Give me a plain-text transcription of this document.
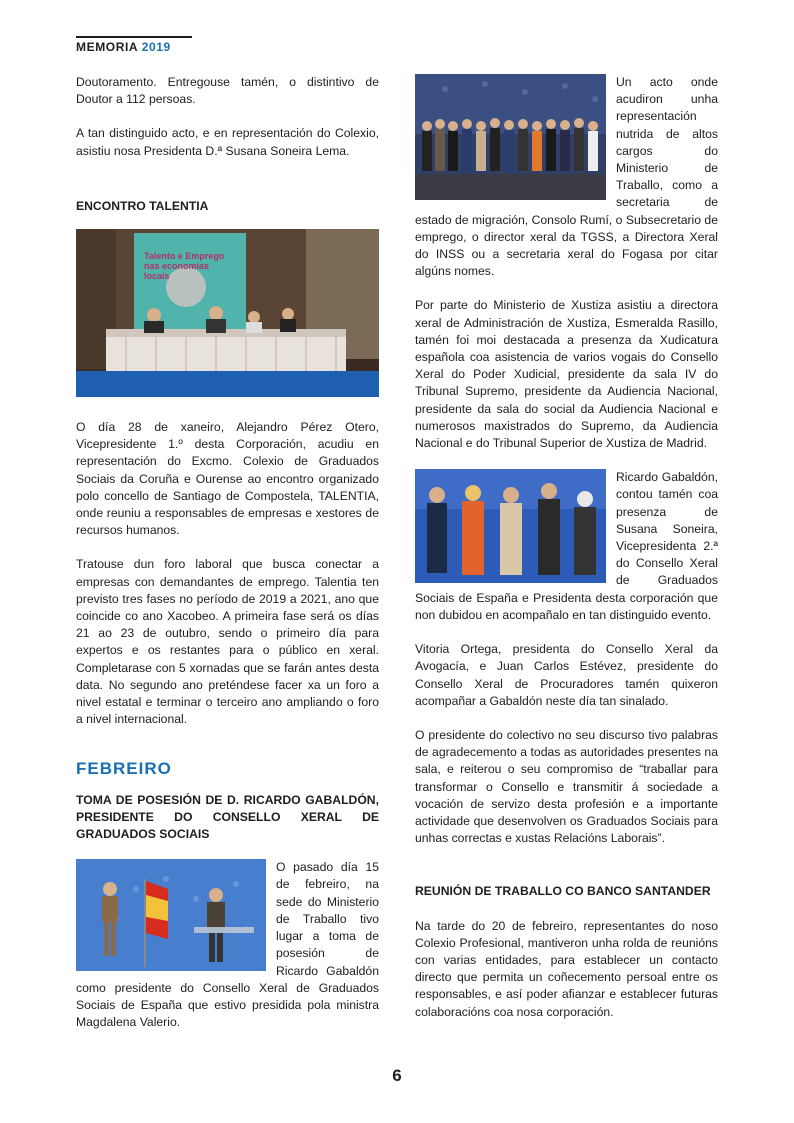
MEMORIA 2019

Doutoramento. Entregouse tamén, o distintivo de Doutor a 112 persoas.

A tan distinguido acto, e en representación do Colexio, asistiu nosa Presidenta D.ª Susana Soneira Lema.

ENCONTRO TALENTIA

Talento e Emprego nas economías locais

O día 28 de xaneiro, Alejandro Pérez Otero, Vicepresidente 1.º desta Corporación, acudiu en representación do Excmo. Colexio de Graduados Sociais da Coruña e Ourense ao encontro organizado polo concello de Santiago de Compostela, TALENTIA, onde reuniu a responsables de empresas e xestores de recursos humanos.

Tratouse dun foro laboral que busca conectar a empresas con demandantes de emprego. Talentia ten previsto tres fases no período de 2019 a 2021, ano que coincide co ano Xacobeo. A primeira fase será os días 21 ao 23 de outubro, sendo o primeiro día para expertos e os restantes para o público en xeral. Completarase con 5 xornadas que se farán antes desta data. No segundo ano preténdese facer xa un foro a nivel estatal e terminar o terceiro ano ampliando o foro a nivel internacional.

FEBREIRO

TOMA DE POSESIÓN DE D. RICARDO GABALDÓN, PRESIDENTE DO CONSELLO XERAL DE GRADUADOS SOCIAIS

O pasado día 15 de febreiro, na sede do Ministerio de Traballo tivo lugar a toma de posesión de Ricardo Gabaldón como presidente do Consello Xeral de Graduados Sociais de España que estivo presidida pola ministra Magdalena Valerio.

Un acto onde acudiron unha representación nutrida de altos cargos do Ministerio de Traballo, como a secretaria de estado de migración, Consolo Rumí, o Subsecretario de emprego, o director xeral da TGSS, a Directora Xeral do INSS ou a secretaria xeral do Fogasa por citar algúns nomes.

Por parte do Ministerio de Xustiza asistiu a directora xeral de Administración de Xustiza, Esmeralda Rasillo, tamén foi moi destacada a presenza da Xudicatura española coa asistencia de varios vogais do Consello Xeral do Poder Xudicial, presidente da sala IV do Tribunal Supremo, presidente da Audiencia Nacional, presidente da sala do social da Audiencia Nacional e numerosos maxistrados do Supremo, da Audiencia Nacional e do Tribunal Superior de Xustiza de Madrid.

Ricardo Gabaldón, contou tamén coa presenza de Susana Soneira, Vicepresidenta 2.ª do Consello Xeral de Graduados Sociais de España e Presidenta desta corporación que non dubidou en acompañalo en tan distinguido evento.

Vitoria Ortega, presidenta do Consello Xeral da Avogacía, e Juan Carlos Estévez, presidente do Consello Xeral de Procuradores tamén quixeron acompañar a Gabaldón neste día tan sinalado.

O presidente do colectivo no seu discurso tivo palabras de agradecemento a todas as autoridades presentes na sala, e reiterou o seu compromiso de “traballar para transformar o Consello e transmitir á sociedade a vocación de servizo desta profesión e a importante actividade que desenvolven os Graduados Sociais para unhas correctas e xustas Relacións Laborais”.

REUNIÓN DE TRABALLO CO BANCO SANTANDER

Na tarde do 20 de febreiro, representantes do noso Colexio Profesional, mantiveron unha rolda de reunións con varias entidades, para establecer un contacto directo que permita un coñecemento persoal entre os responsables, e así poder afianzar e establecer futuras colaboracións coa nosa corporación.

6
